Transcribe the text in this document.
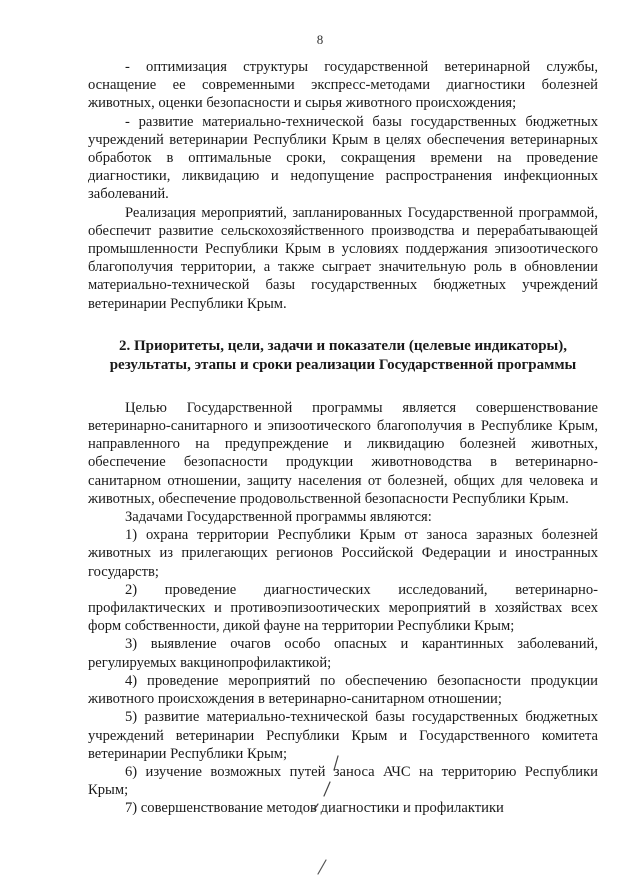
8

- оптимизация структуры государственной ветеринарной службы, оснащение ее современными экспресс-методами диагностики болезней животных, оценки безопасности и сырья животного происхождения;

- развитие материально-технической базы государственных бюджетных учреждений ветеринарии Республики Крым в целях обеспечения ветеринарных обработок в оптимальные сроки, сокращения времени на проведение диагностики, ликвидацию и недопущение распространения инфекционных заболеваний.

Реализация мероприятий, запланированных Государственной программой, обеспечит развитие сельскохозяйственного производства и перерабатывающей промышленности Республики Крым в условиях поддержания эпизоотического благополучия территории, а также сыграет значительную роль в обновлении материально-технической базы государственных бюджетных учреждений ветеринарии Республики Крым.

2. Приоритеты, цели, задачи и показатели (целевые индикаторы), результаты, этапы и сроки реализации Государственной программы

Целью Государственной программы является совершенствование ветеринарно-санитарного и эпизоотического благополучия в Республике Крым, направленного на предупреждение и ликвидацию болезней животных, обеспечение безопасности продукции животноводства в ветеринарно-санитарном отношении, защиту населения от болезней, общих для человека и животных, обеспечение продовольственной безопасности Республики Крым.

Задачами Государственной программы являются:

1) охрана территории Республики Крым от заноса заразных болезней животных из прилегающих регионов Российской Федерации и иностранных государств;

2) проведение диагностических исследований, ветеринарно-профилактических и противоэпизоотических мероприятий в хозяйствах всех форм собственности, дикой фауне на территории Республики Крым;

3) выявление очагов особо опасных и карантинных заболеваний, регулируемых вакцинопрофилактикой;

4) проведение мероприятий по обеспечению безопасности продукции животного происхождения в ветеринарно-санитарном отношении;

5) развитие материально-технической базы государственных бюджетных учреждений ветеринарии Республики Крым и Государственного комитета ветеринарии Республики Крым;

6) изучение возможных путей заноса АЧС на территорию Республики Крым;

7) совершенствование методов диагностики и профилактики
